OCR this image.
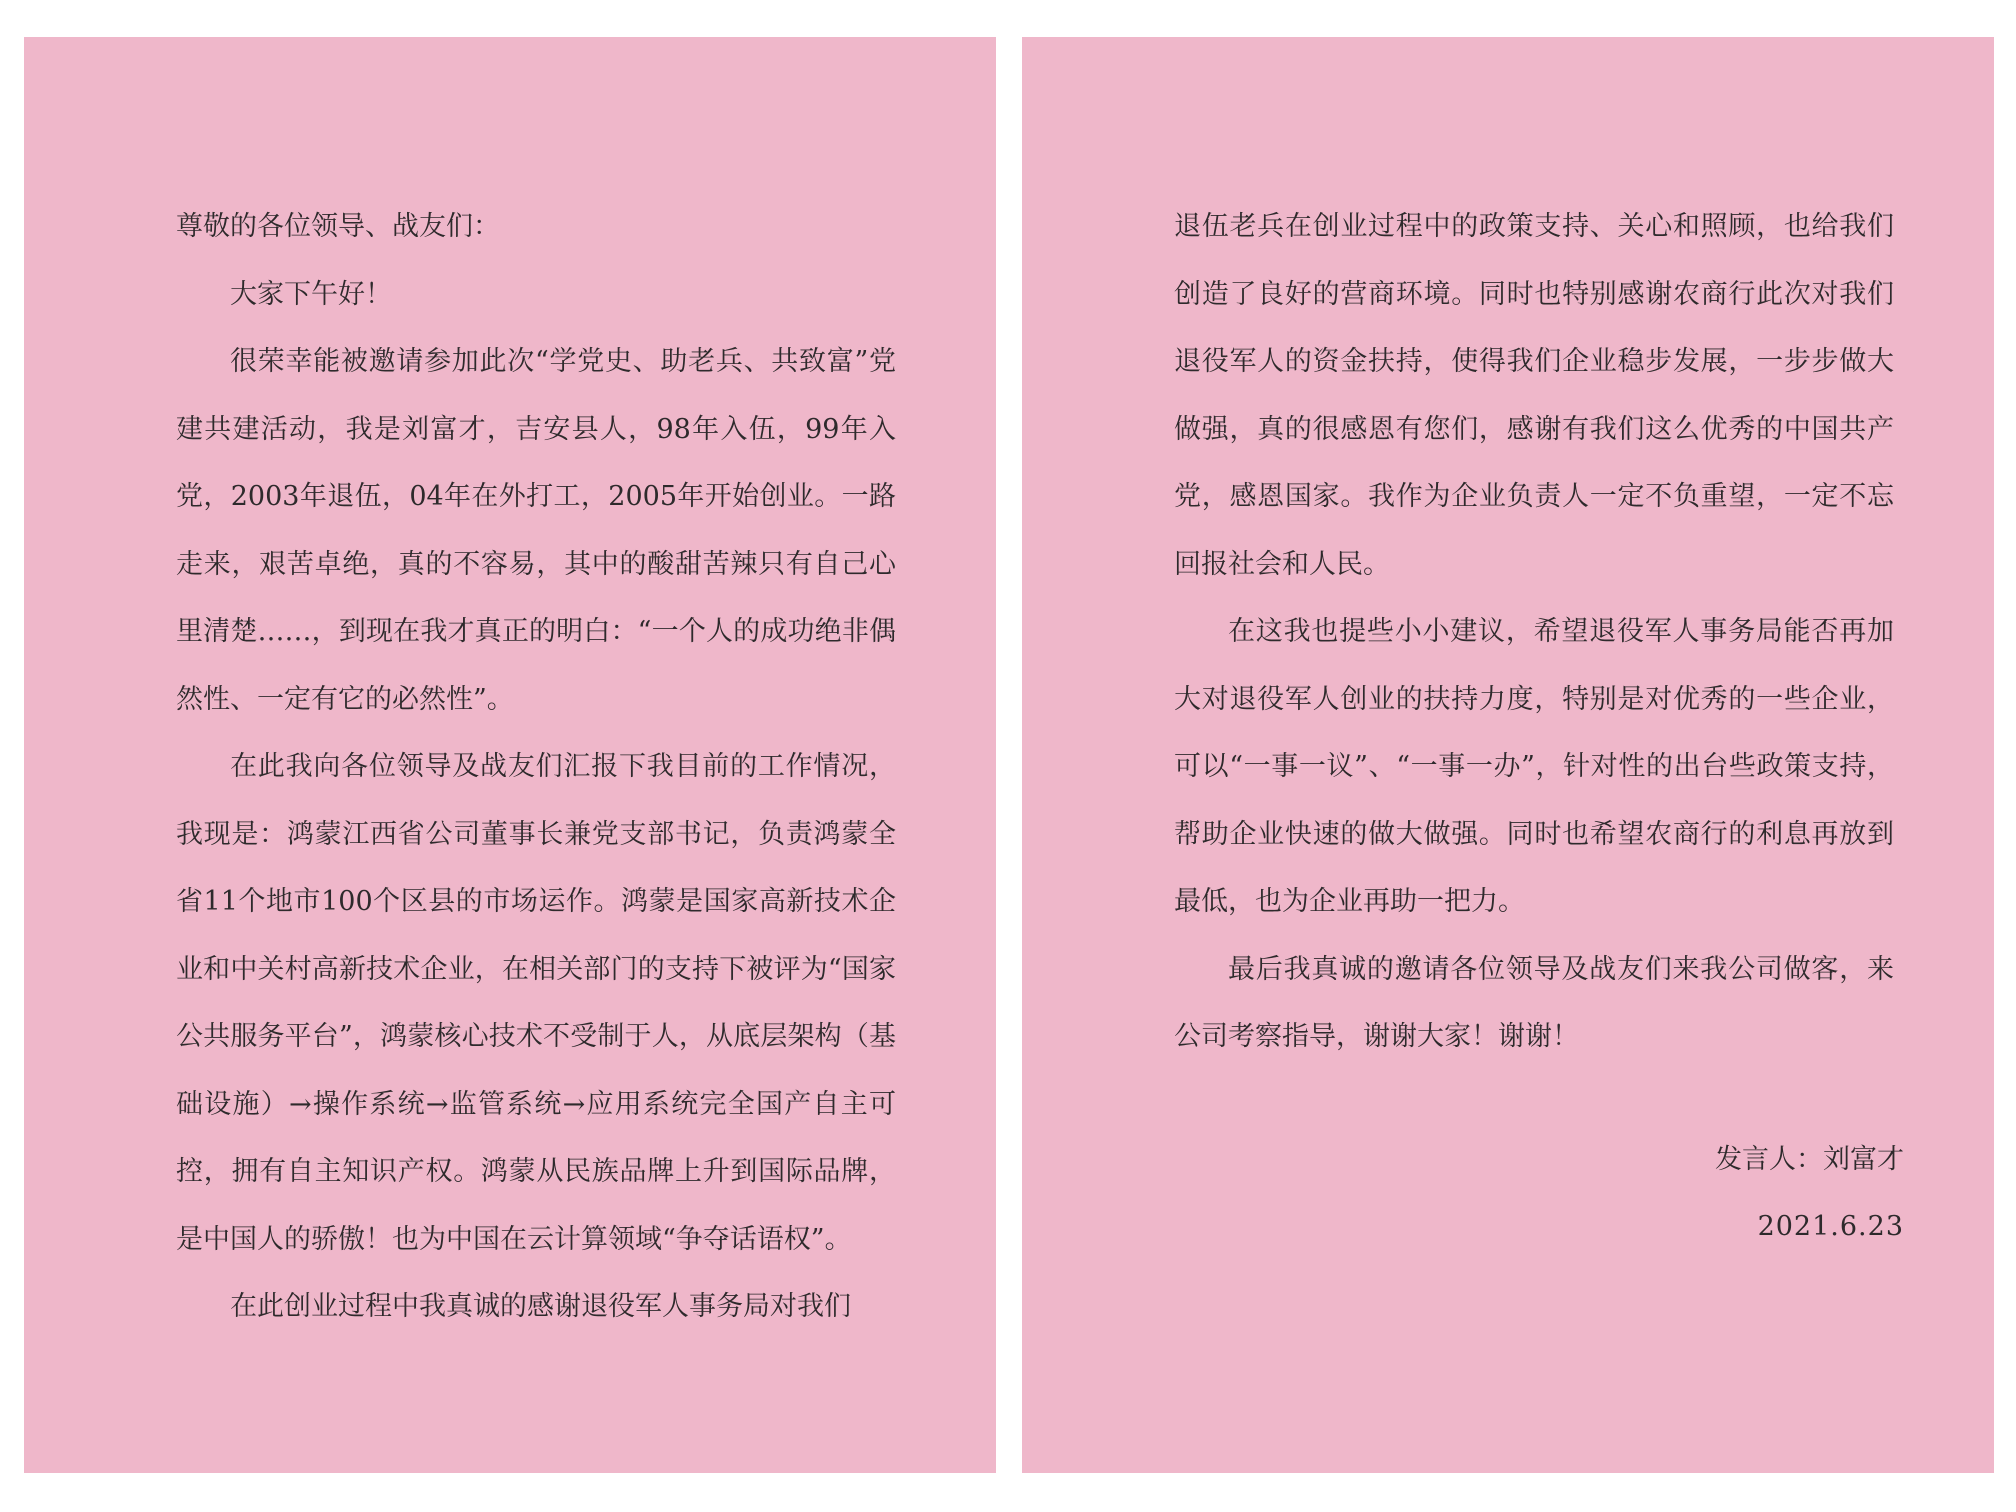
尊敬的各位领导、战友们：

大家下午好！

很荣幸能被邀请参加此次“学党史、助老兵、共致富”党建共建活动，我是刘富才，吉安县人，98年入伍，99年入党，2003年退伍，04年在外打工，2005年开始创业。一路走来，艰苦卓绝，真的不容易，其中的酸甜苦辣只有自己心里清楚……，到现在我才真正的明白：“一个人的成功绝非偶然性、一定有它的必然性”。

在此我向各位领导及战友们汇报下我目前的工作情况，我现是：鸿蒙江西省公司董事长兼党支部书记，负责鸿蒙全省11个地市100个区县的市场运作。鸿蒙是国家高新技术企业和中关村高新技术企业，在相关部门的支持下被评为“国家公共服务平台”，鸿蒙核心技术不受制于人，从底层架构（基础设施）→操作系统→监管系统→应用系统完全国产自主可控，拥有自主知识产权。鸿蒙从民族品牌上升到国际品牌，是中国人的骄傲！也为中国在云计算领域“争夺话语权”。

在此创业过程中我真诚的感谢退役军人事务局对我们

退伍老兵在创业过程中的政策支持、关心和照顾，也给我们创造了良好的营商环境。同时也特别感谢农商行此次对我们退役军人的资金扶持，使得我们企业稳步发展，一步步做大做强，真的很感恩有您们，感谢有我们这么优秀的中国共产党，感恩国家。我作为企业负责人一定不负重望，一定不忘回报社会和人民。

在这我也提些小小建议，希望退役军人事务局能否再加大对退役军人创业的扶持力度，特别是对优秀的一些企业，可以“一事一议”、“一事一办”，针对性的出台些政策支持，帮助企业快速的做大做强。同时也希望农商行的利息再放到最低，也为企业再助一把力。

最后我真诚的邀请各位领导及战友们来我公司做客，来公司考察指导，谢谢大家！谢谢！

发言人：刘富才

2021.6.23
